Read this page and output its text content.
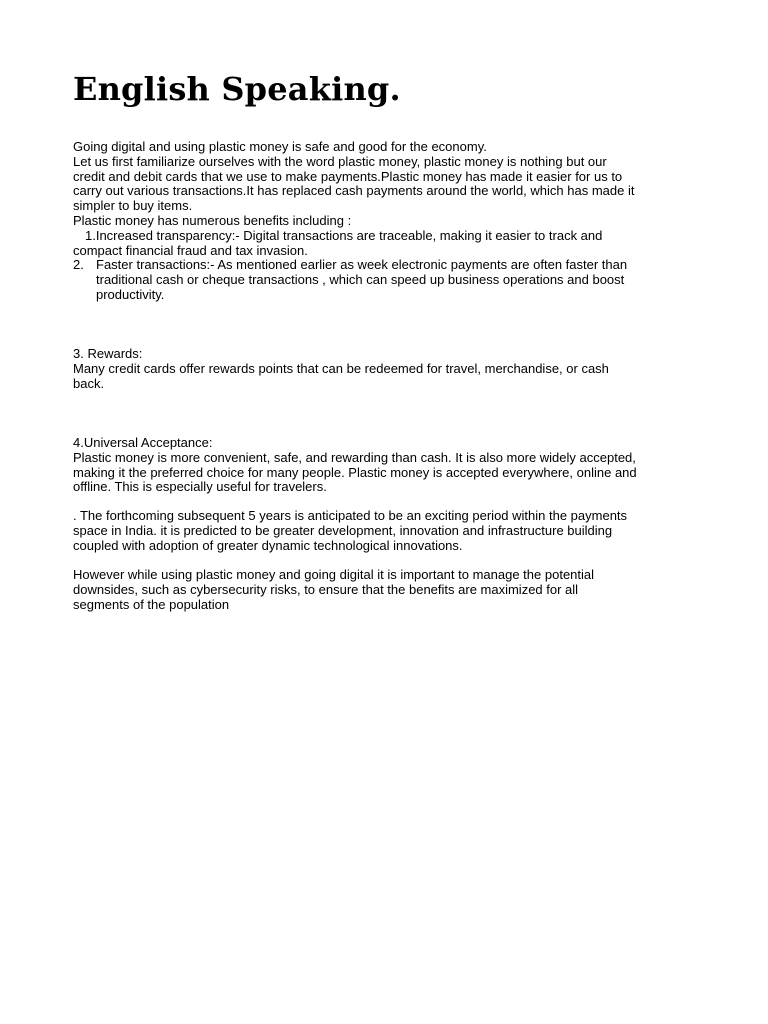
English Speaking.
Going digital and using plastic money is safe and good for the economy.
Let us first familiarize ourselves with the word plastic money, plastic money is nothing but our
credit and debit cards that we use to make payments.Plastic money has made it easier for us to
carry out various transactions.It has replaced cash payments around the world, which has made it
simpler to buy items.
Plastic money has numerous benefits including :
1.Increased transparency:- Digital transactions are traceable, making it easier to track and
compact financial fraud and tax invasion.
2. Faster transactions:- As mentioned earlier as week electronic payments are often faster than
traditional cash or cheque transactions , which can speed up business operations and boost
productivity.
3. Rewards:
Many credit cards offer rewards points that can be redeemed for travel, merchandise, or cash
back.
4.Universal Acceptance:
Plastic money is more convenient, safe, and rewarding than cash. It is also more widely accepted,
making it the preferred choice for many people. Plastic money is accepted everywhere, online and
offline. This is especially useful for travelers.
. The forthcoming subsequent 5 years is anticipated to be an exciting period within the payments
space in India. it is predicted to be greater development, innovation and infrastructure building
coupled with adoption of greater dynamic technological innovations.
However while using plastic money and going digital it is important to manage the potential
downsides, such as cybersecurity risks, to ensure that the benefits are maximized for all
segments of the population
